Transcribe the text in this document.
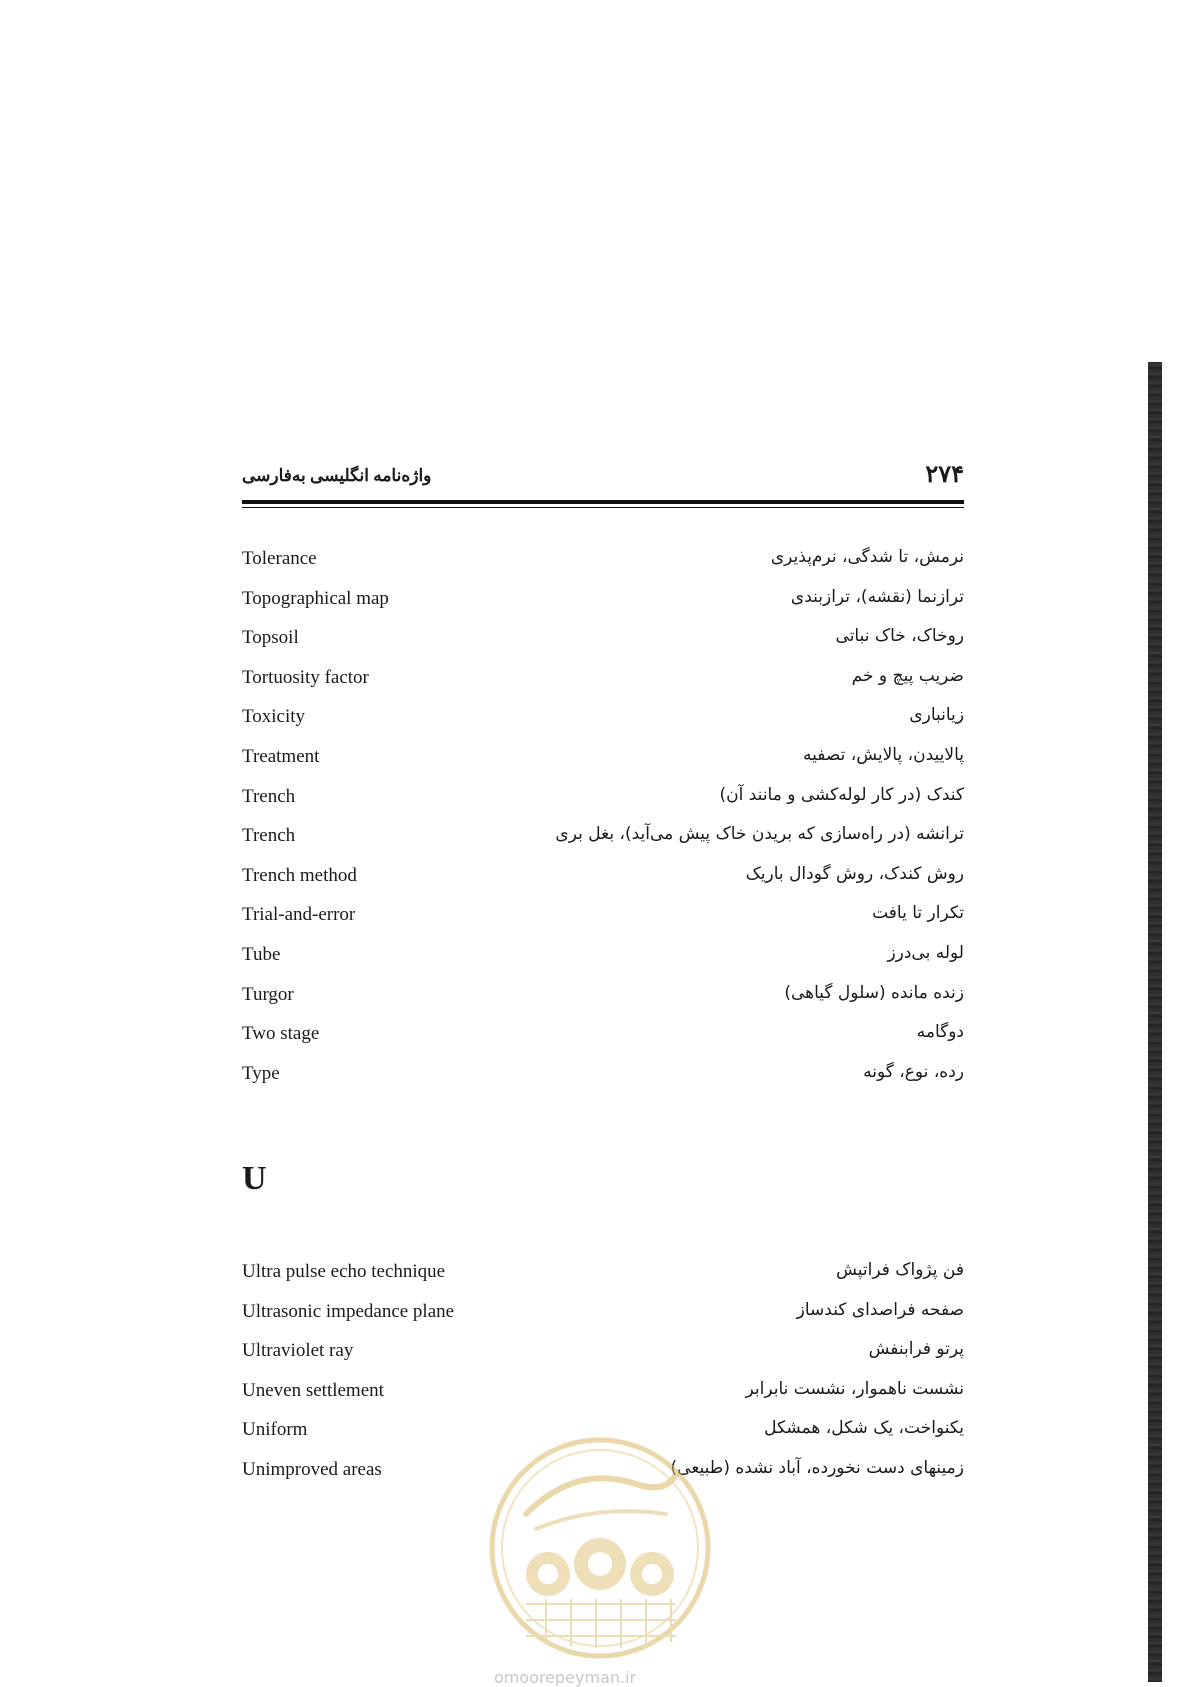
واژه‌نامه انگلیسی به‌فارسی	۲۷۴
Tolerance	نرمش، تا شدگی، نرم‌پذیری
Topographical map	ترازنما (نقشه)، ترازبندی
Topsoil	روخاک، خاک نباتی
Tortuosity factor	ضریب پیچ و خم
Toxicity	زیانباری
Treatment	پالاییدن، پالایش، تصفیه
Trench	کندک (در کار لوله‌کشی و مانند آن)
Trench	ترانشه (در راه‌سازی که بریدن خاک پیش می‌آید)، بغل بری
Trench method	روش کندک، روش گودال باریک
Trial-and-error	تکرار تا یافت
Tube	لوله بی‌درز
Turgor	زنده مانده (سلول گیاهی)
Two stage	دوگامه
Type	رده، نوع، گونه
U
Ultra pulse echo technique	فن پژواک فراتپش
Ultrasonic impedance plane	صفحه فراصدای کندساز
Ultraviolet ray	پرتو فرابنفش
Uneven settlement	نشست ناهموار، نشست نابرابر
Uniform	یکنواخت، یک شکل، همشکل
Unimproved areas	زمینهای دست نخورده، آباد نشده (طبیعی)
omoorepeyman.ir
